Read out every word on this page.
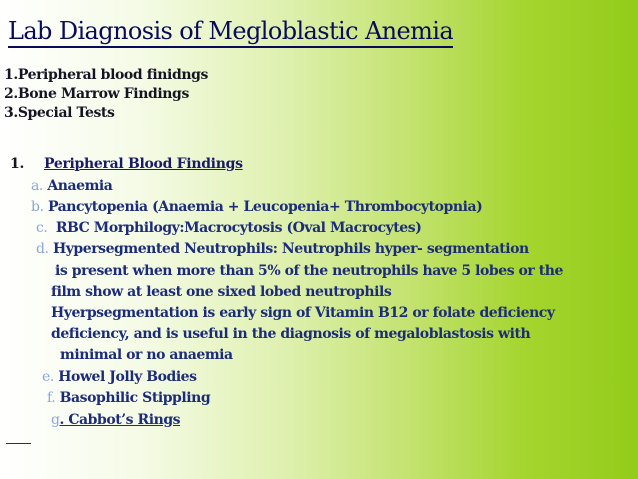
Lab Diagnosis of Megloblastic Anemia
1.Peripheral blood finidngs
2.Bone Marrow Findings
3.Special Tests
1. Peripheral Blood Findings
a. Anaemia
b. Pancytopenia (Anaemia + Leucopenia+ Thrombocytopnia)
c. RBC Morphilogy:Macrocytosis (Oval Macrocytes)
d. Hypersegmented Neutrophils: Neutrophils hyper- segmentation
is present when more than 5% of the neutrophils have 5 lobes or the
film show at least one sixed lobed neutrophils
Hyerpsegmentation is early sign of Vitamin B12 or folate deficiency
deficiency, and is useful in the diagnosis of megaloblastosis with
minimal or no anaemia
e. Howel Jolly Bodies
f. Basophilic Stippling
g. Cabbot’s Rings
